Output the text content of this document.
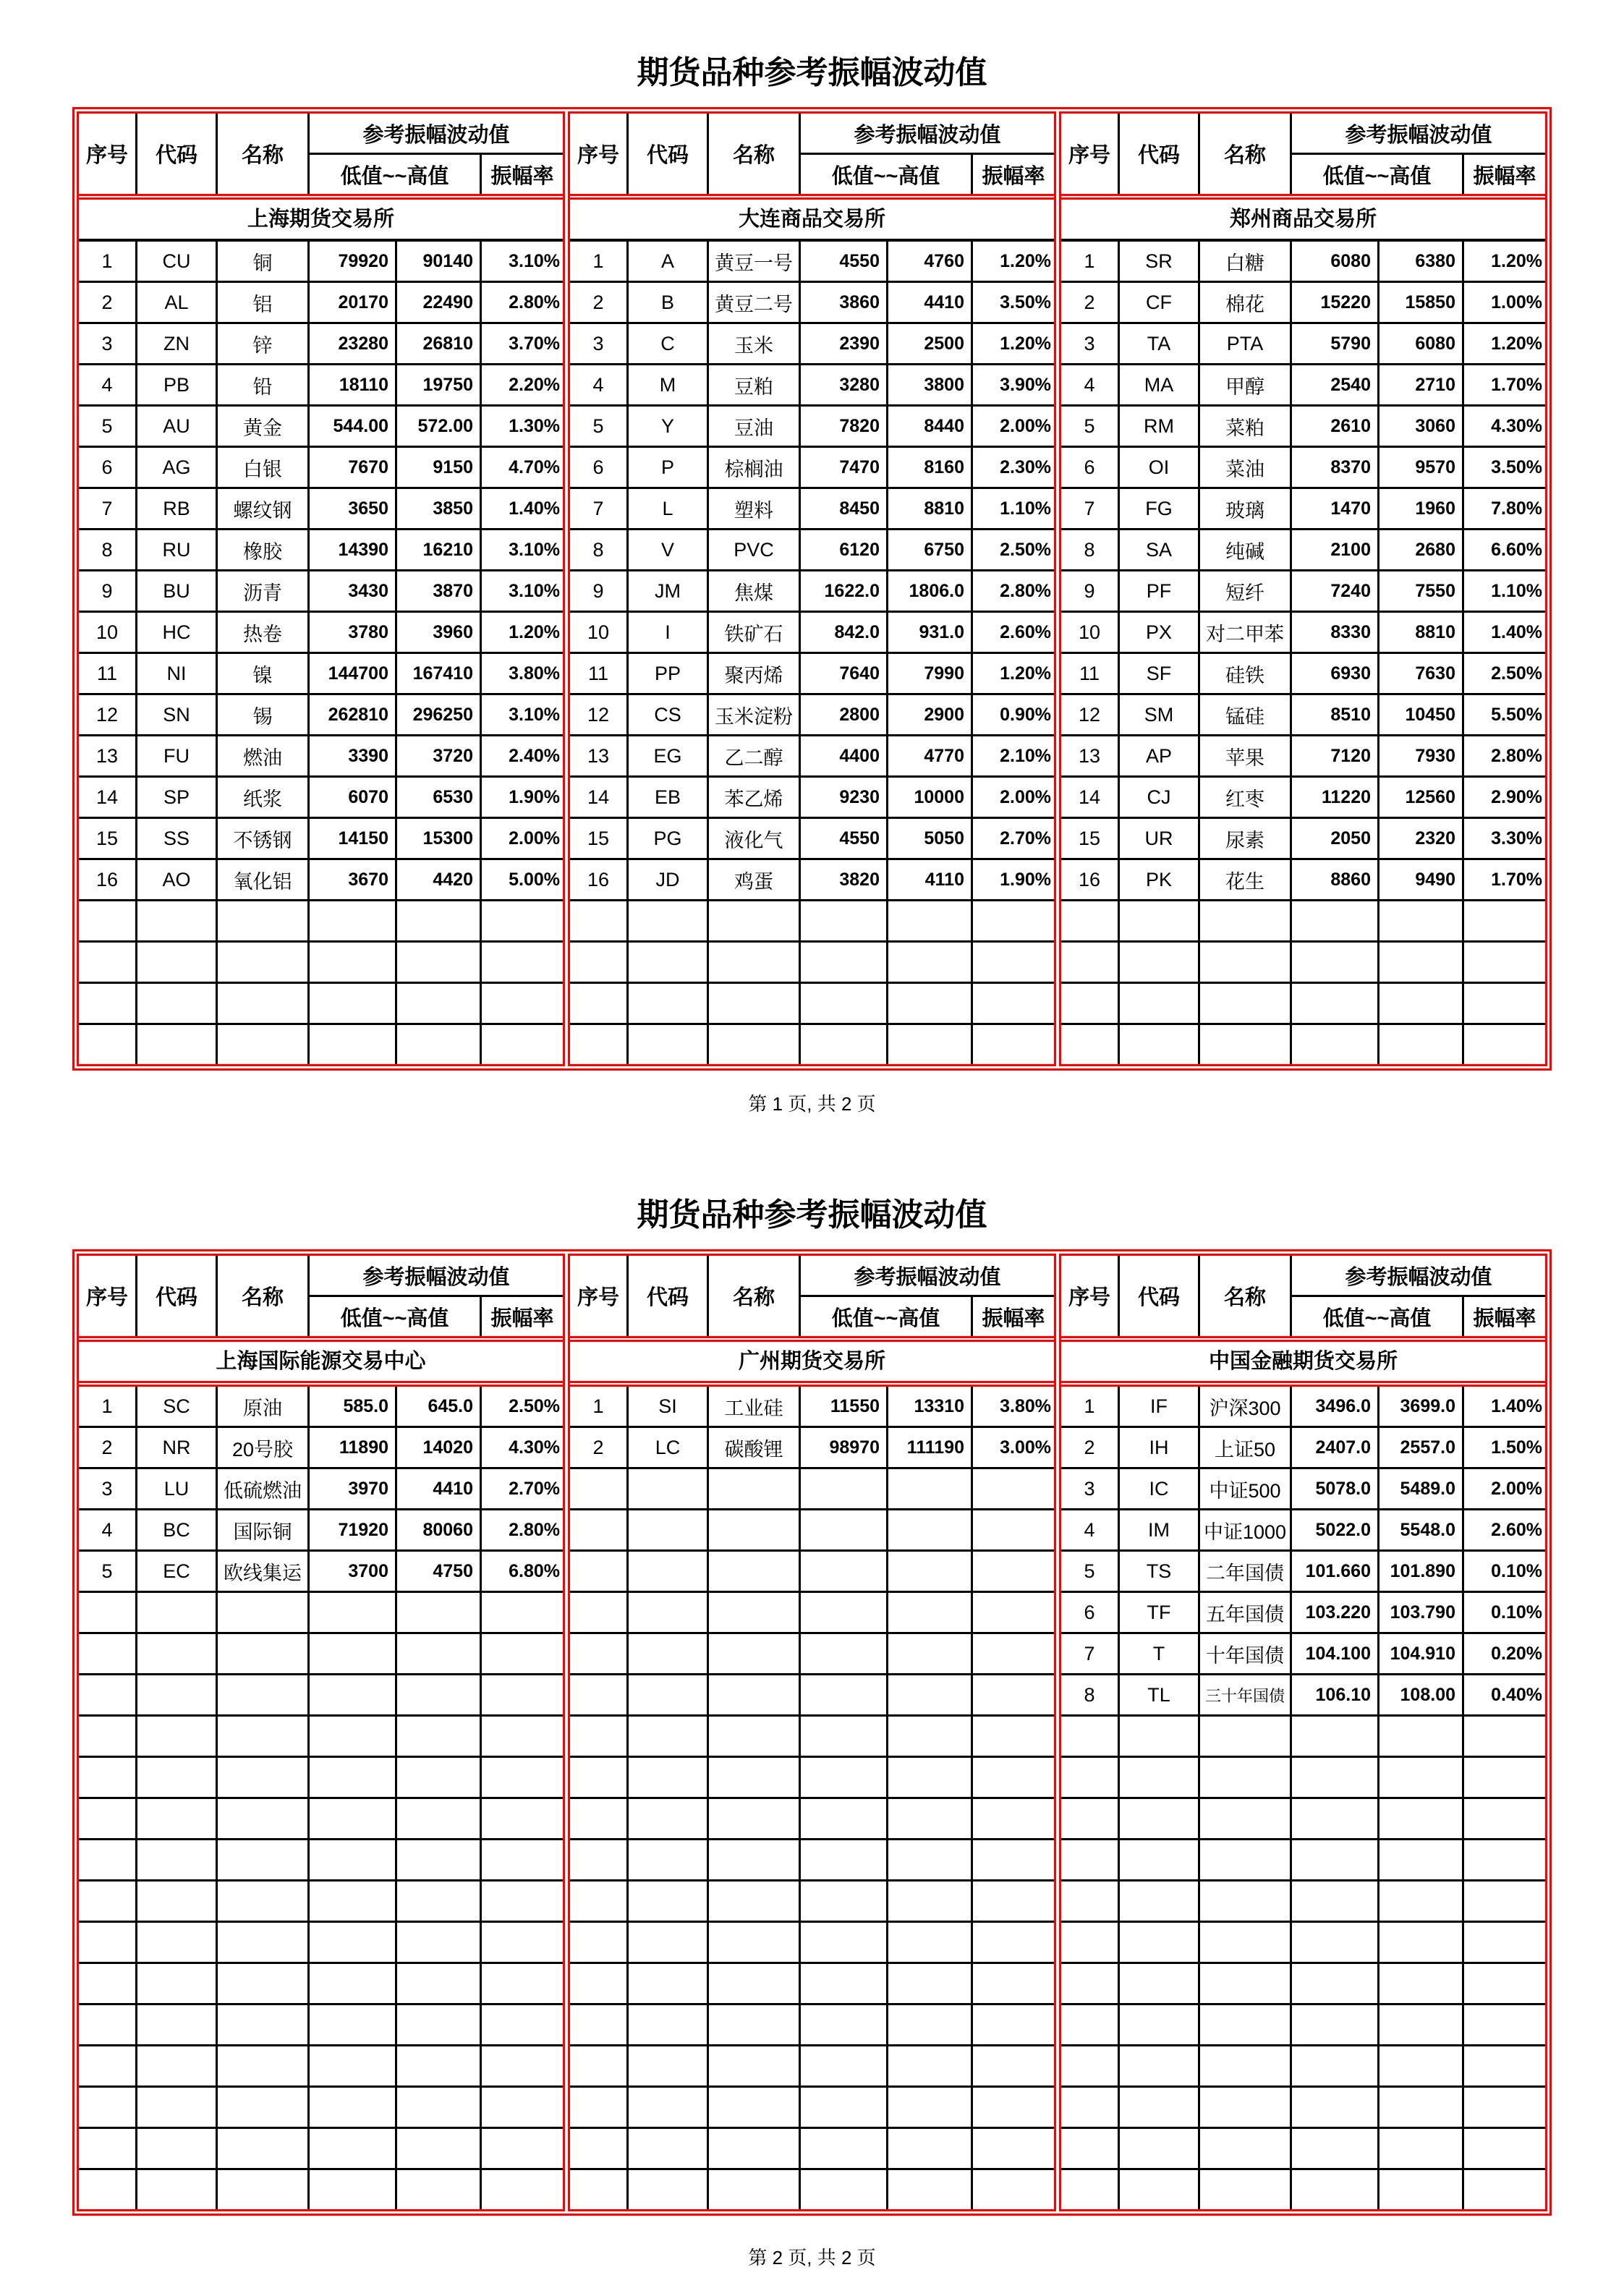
期货品种参考振幅波动值
序号	代码	名称
参考振幅波动值
低值~~高值	振幅率
上海期货交易所
1	CU	铜	79920	90140	3.10%
2	AL	铝	20170	22490	2.80%
3	ZN	锌	23280	26810	3.70%
4	PB	铅	18110	19750	2.20%
5	AU	黄金	544.00	572.00	1.30%
6	AG	白银	7670	9150	4.70%
7	RB	螺纹钢	3650	3850	1.40%
8	RU	橡胶	14390	16210	3.10%
9	BU	沥青	3430	3870	3.10%
10	HC	热卷	3780	3960	1.20%
11	NI	镍	144700	167410	3.80%
12	SN	锡	262810	296250	3.10%
13	FU	燃油	3390	3720	2.40%
14	SP	纸浆	6070	6530	1.90%
15	SS	不锈钢	14150	15300	2.00%
16	AO	氧化铝	3670	4420	5.00%
序号	代码	名称
参考振幅波动值
低值~~高值	振幅率
大连商品交易所
1	A	黄豆一号	4550	4760	1.20%
2	B	黄豆二号	3860	4410	3.50%
3	C	玉米	2390	2500	1.20%
4	M	豆粕	3280	3800	3.90%
5	Y	豆油	7820	8440	2.00%
6	P	棕榈油	7470	8160	2.30%
7	L	塑料	8450	8810	1.10%
8	V	PVC	6120	6750	2.50%
9	JM	焦煤	1622.0	1806.0	2.80%
10	I	铁矿石	842.0	931.0	2.60%
11	PP	聚丙烯	7640	7990	1.20%
12	CS	玉米淀粉	2800	2900	0.90%
13	EG	乙二醇	4400	4770	2.10%
14	EB	苯乙烯	9230	10000	2.00%
15	PG	液化气	4550	5050	2.70%
16	JD	鸡蛋	3820	4110	1.90%
序号	代码	名称
参考振幅波动值
低值~~高值	振幅率
郑州商品交易所
1	SR	白糖	6080	6380	1.20%
2	CF	棉花	15220	15850	1.00%
3	TA	PTA	5790	6080	1.20%
4	MA	甲醇	2540	2710	1.70%
5	RM	菜粕	2610	3060	4.30%
6	OI	菜油	8370	9570	3.50%
7	FG	玻璃	1470	1960	7.80%
8	SA	纯碱	2100	2680	6.60%
9	PF	短纤	7240	7550	1.10%
10	PX	对二甲苯	8330	8810	1.40%
11	SF	硅铁	6930	7630	2.50%
12	SM	锰硅	8510	10450	5.50%
13	AP	苹果	7120	7930	2.80%
14	CJ	红枣	11220	12560	2.90%
15	UR	尿素	2050	2320	3.30%
16	PK	花生	8860	9490	1.70%
第 1 页, 共 2 页
期货品种参考振幅波动值
序号	代码	名称
参考振幅波动值
低值~~高值	振幅率
上海国际能源交易中心
1	SC	原油	585.0	645.0	2.50%
2	NR	20号胶	11890	14020	4.30%
3	LU	低硫燃油	3970	4410	2.70%
4	BC	国际铜	71920	80060	2.80%
5	EC	欧线集运	3700	4750	6.80%
序号	代码	名称
参考振幅波动值
低值~~高值	振幅率
广州期货交易所
1	SI	工业硅	11550	13310	3.80%
2	LC	碳酸锂	98970	111190	3.00%
序号	代码	名称
参考振幅波动值
低值~~高值	振幅率
中国金融期货交易所
1	IF	沪深300	3496.0	3699.0	1.40%
2	IH	上证50	2407.0	2557.0	1.50%
3	IC	中证500	5078.0	5489.0	2.00%
4	IM	中证1000	5022.0	5548.0	2.60%
5	TS	二年国债	101.660	101.890	0.10%
6	TF	五年国债	103.220	103.790	0.10%
7	T	十年国债	104.100	104.910	0.20%
8	TL	三十年国债	106.10	108.00	0.40%
第 2 页, 共 2 页
